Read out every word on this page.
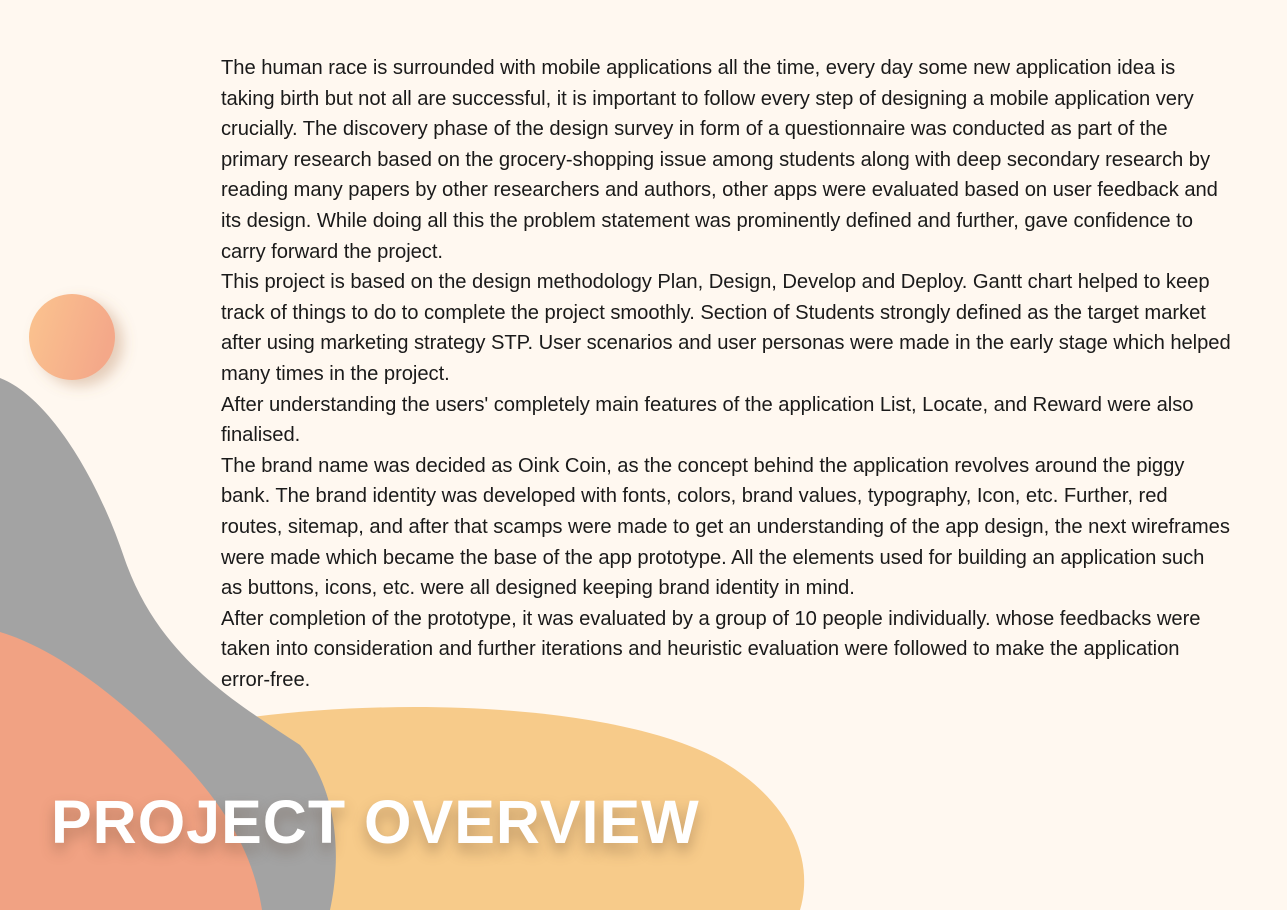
The human race is surrounded with mobile applications all the time, every day some new application idea is taking birth but not all are successful, it is important to follow every step of designing a mobile application very crucially. The discovery phase of the design survey in form of a questionnaire was conducted as part of the primary research based on the grocery-shopping issue among students along with deep secondary research by reading many papers by other researchers and authors, other apps were evaluated based on user feedback and its design. While doing all this the problem statement was prominently defined and further, gave confidence to carry forward the project.

This project is based on the design methodology Plan, Design, Develop and Deploy. Gantt chart helped to keep track of things to do to complete the project smoothly. Section of Students strongly defined as the target market after using marketing strategy STP. User scenarios and user personas were made in the early stage which helped many times in the project.

After understanding the users' completely main features of the application List, Locate, and Reward were also finalised.

The brand name was decided as Oink Coin, as the concept behind the application revolves around the piggy bank. The brand identity was developed with fonts, colors, brand values, typography, Icon, etc. Further, red routes, sitemap, and after that scamps were made to get an understanding of the app design, the next wireframes were made which became the base of the app prototype. All the elements used for building an application such as buttons, icons, etc. were all designed keeping brand identity in mind.

After completion of the prototype, it was evaluated by a group of 10 people individually. whose feedbacks were taken into consideration and further iterations and heuristic evaluation were followed to make the application error-free.

PROJECT OVERVIEW
